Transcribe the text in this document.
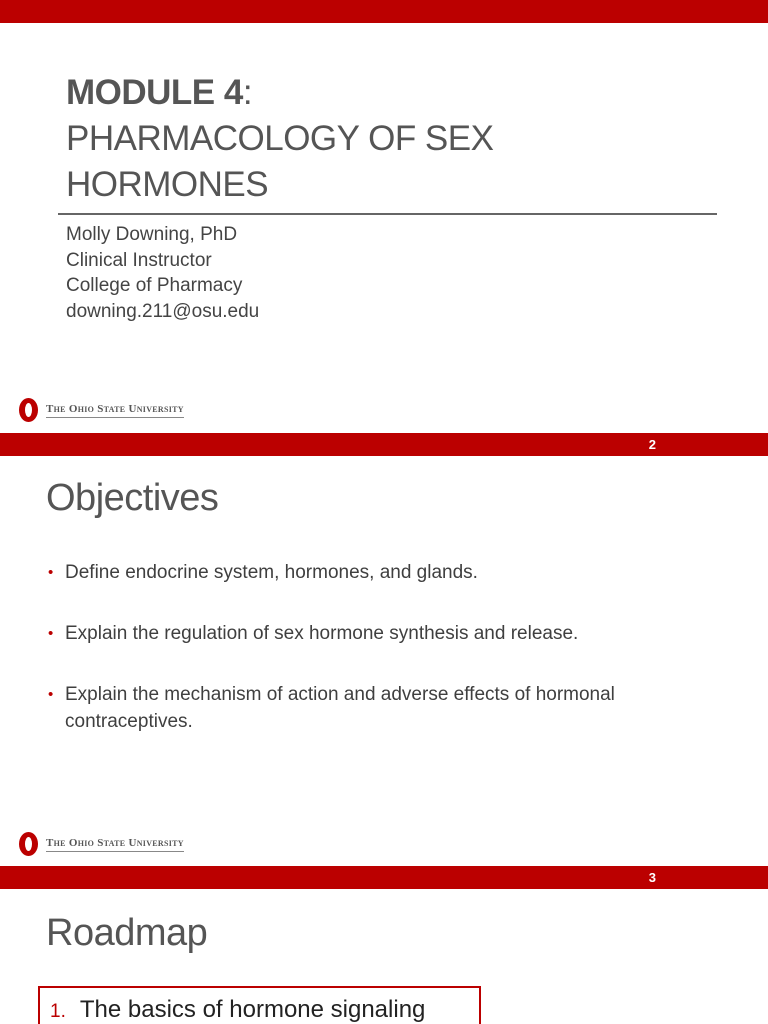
MODULE 4:
PHARMACOLOGY OF SEX
HORMONES
Molly Downing, PhD
Clinical Instructor
College of Pharmacy
downing.211@osu.edu
The Ohio State University
2
Objectives
• Define endocrine system, hormones, and glands.
• Explain the regulation of sex hormone synthesis and release.
• Explain the mechanism of action and adverse effects of hormonal contraceptives.
The Ohio State University
3
Roadmap
1. The basics of hormone signaling
